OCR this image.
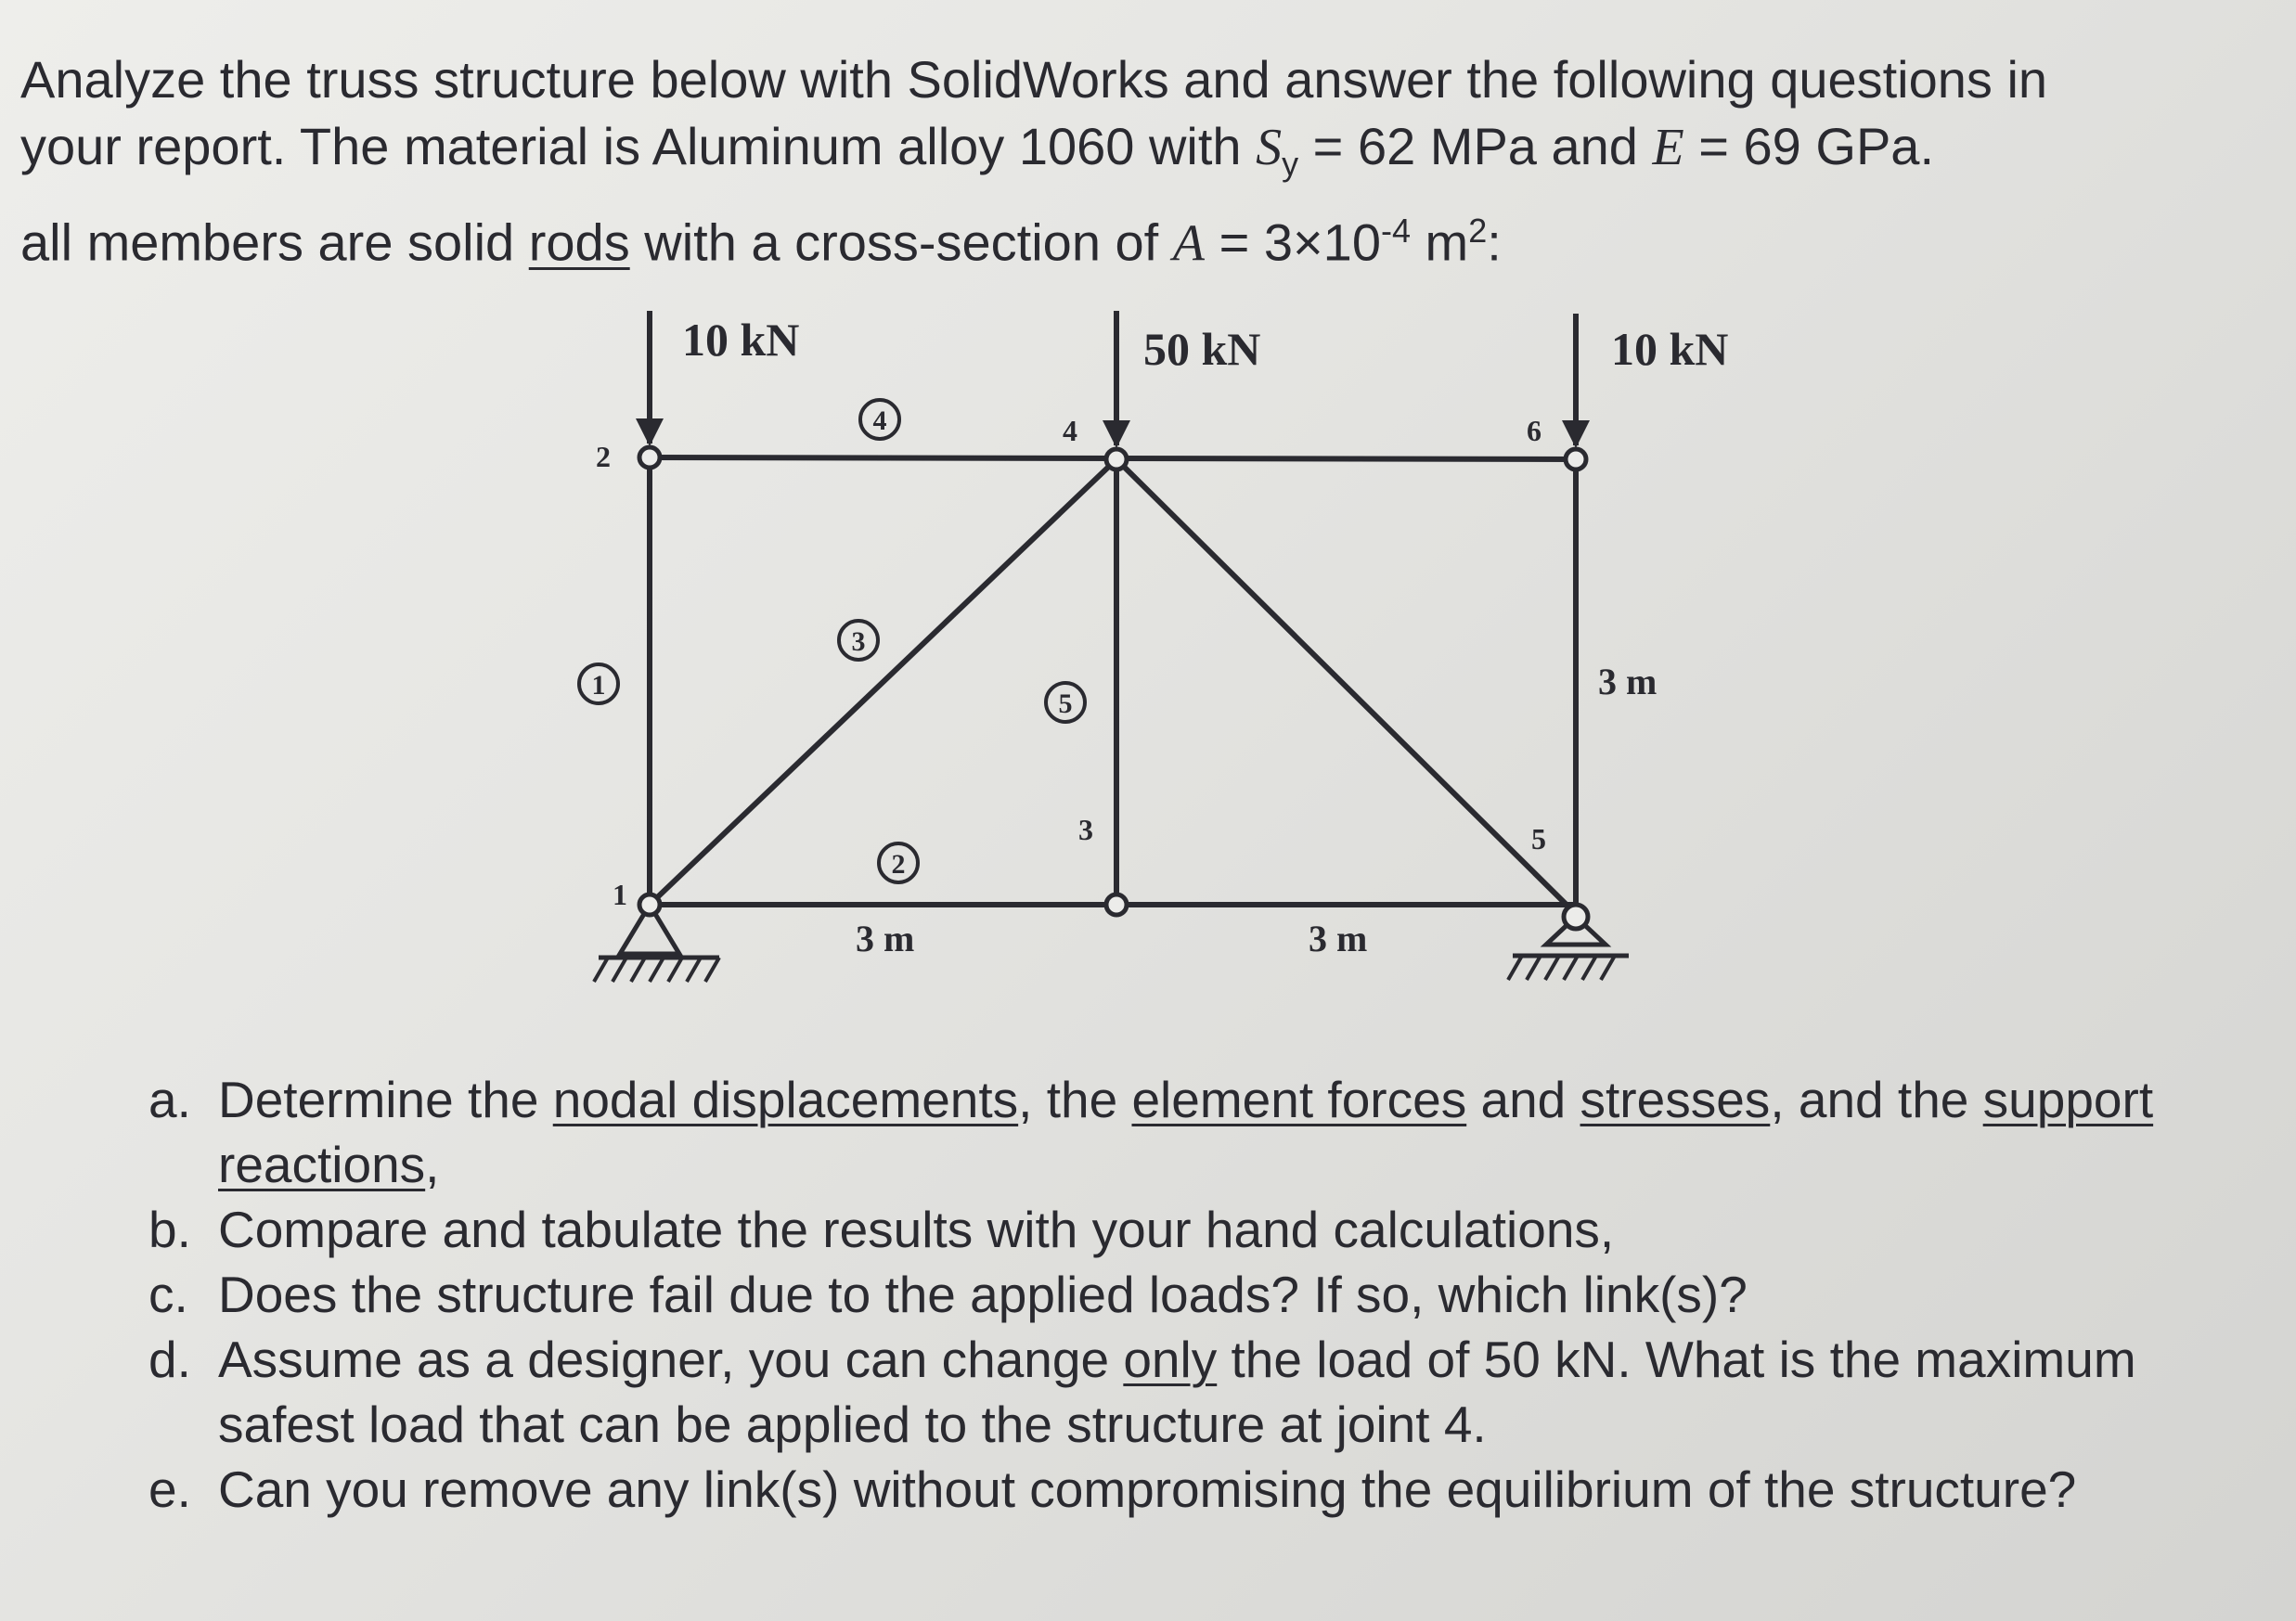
Analyze the truss structure below with SolidWorks and answer the following questions in

your report. The material is Aluminum alloy 1060 with $S_y = 62$ MPa and E = 69 GPa.

all members are solid rods with a cross-section of $A = 3\times 10^{-4}$ $m^2$:

10 kN	50 kN	10 kN
1
2
3
4
5
6
1
2
3
4
5
3 m	3 m
3 m
a. Determine the nodal displacements, the element forces and stresses, and the support reactions,
b. Compare and tabulate the results with your hand calculations,
c. Does the structure fail due to the applied loads? If so, which link(s)?
d. Assume as a designer, you can change only the load of 50 kN. What is the maximum safest load that can be applied to the structure at joint 4.
e. Can you remove any link(s) without compromising the equilibrium of the structure?
